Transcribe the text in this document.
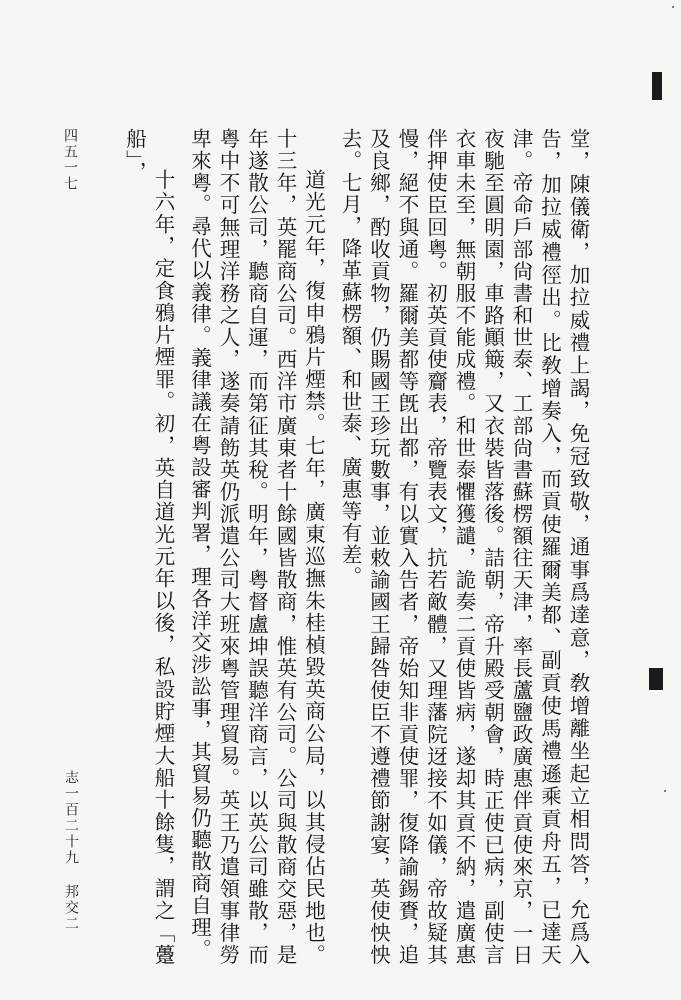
堂，陳儀衛，加拉威禮上謁，免冠致敬，通事爲達意，敎增離坐起立相問答，允爲入告，加拉威禮徑出。比敎增奏入，而貢使羅爾美都、副貢使馬禮遜乘貢舟五，已達天津。帝命戶部尙書和世泰、工部尙書蘇楞額往天津，率長蘆鹽政廣惠伴貢使來京，一日夜馳至圓明園，車路顚簸，又衣裝皆落後。詰朝，帝升殿受朝會，時正使已病，副使言衣車未至，無朝服不能成禮。和世泰懼獲譴，詭奏二貢使皆病，遂却其貢不納，遣廣惠伴押使臣回粤。初英貢使齎表，帝覽表文，抗若敵體，又理藩院迓接不如儀，帝故疑其慢，絕不與通。羅爾美都等旣出都，有以實入告者，帝始知非貢使罪，復降諭錫賚，追及良鄉，酌收貢物，仍賜國王珍玩數事，並敕諭國王歸咎使臣不遵禮節謝宴，英使怏怏去。七月，降革蘇楞額、和世泰、廣惠等有差。

道光元年，復申鴉片煙禁。七年，廣東巡撫朱桂楨毀英商公局，以其侵佔民地也。十三年，英罷商公司。西洋市廣東者十餘國皆散商，惟英有公司。公司與散商交惡，是年遂散公司，聽商自運，而第征其稅。明年，粤督盧坤誤聽洋商言，以英公司雖散，而粤中不可無理洋務之人，遂奏請飭英仍派遣公司大班來粤管理貿易。英王乃遣領事律勞卑來粤。尋代以義律。義律議在粤設審判署，理各洋交涉訟事，其貿易仍聽散商自理。

十六年，定食鴉片煙罪。初，英自道光元年以後，私設貯煙大船十餘隻，謂之「躉船」，

志一百二十九邦交二
四五一七
